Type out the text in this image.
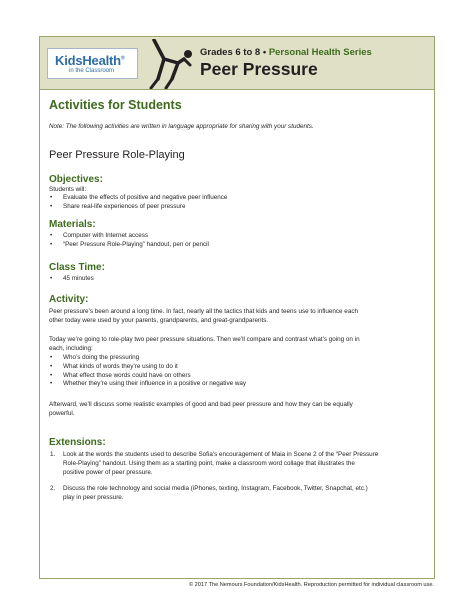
KidsHealth®
in the Classroom
Grades 6 to 8 • Personal Health Series
Peer Pressure
Activities for Students
Note: The following activities are written in language appropriate for sharing with your students.
Peer Pressure Role-Playing
Objectives:
Students will:
• Evaluate the effects of positive and negative peer influence
• Share real-life experiences of peer pressure
Materials:
• Computer with Internet access
• “Peer Pressure Role-Playing” handout, pen or pencil
Class Time:
• 45 minutes
Activity:
Peer pressure’s been around a long time. In fact, nearly all the tactics that kids and teens use to influence each
other today were used by your parents, grandparents, and great-grandparents.
Today we’re going to role-play two peer pressure situations. Then we’ll compare and contrast what’s going on in
each, including:
• Who’s doing the pressuring
• What kinds of words they’re using to do it
• What effect those words could have on others
• Whether they’re using their influence in a positive or negative way
Afterward, we’ll discuss some realistic examples of good and bad peer pressure and how they can be equally
powerful.
Extensions:
1. Look at the words the students used to describe Sofia’s encouragement of Maia in Scene 2 of the “Peer Pressure
Role-Playing” handout. Using them as a starting point, make a classroom word collage that illustrates the
positive power of peer pressure.
2. Discuss the role technology and social media (iPhones, texting, Instagram, Facebook, Twitter, Snapchat, etc.)
play in peer pressure.
© 2017 The Nemours Foundation/KidsHealth. Reproduction permitted for individual classroom use.
